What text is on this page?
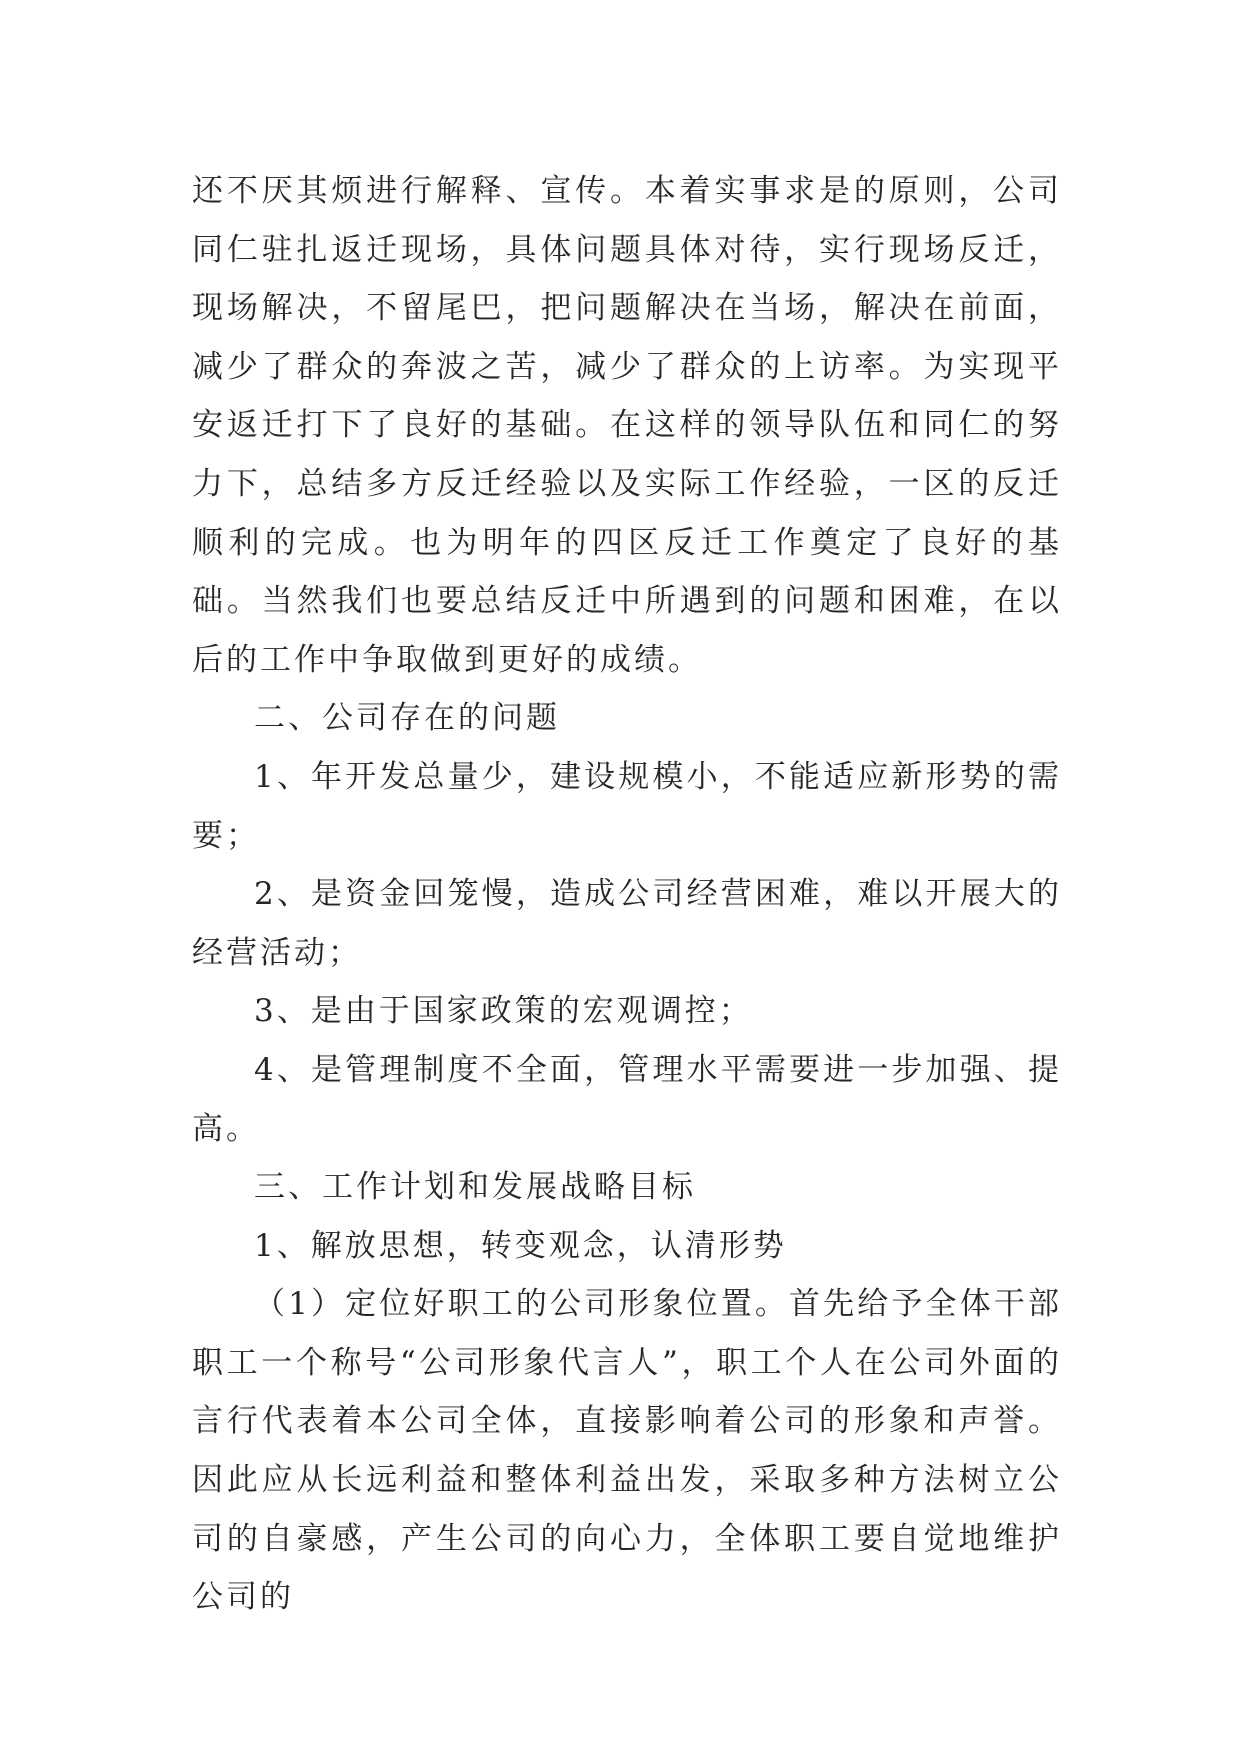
还不厌其烦进行解释、宣传。本着实事求是的原则，公司同仁驻扎返迁现场，具体问题具体对待，实行现场反迁，现场解决，不留尾巴，把问题解决在当场，解决在前面，减少了群众的奔波之苦，减少了群众的上访率。为实现平安返迁打下了良好的基础。在这样的领导队伍和同仁的努力下，总结多方反迁经验以及实际工作经验，一区的反迁顺利的完成。也为明年的四区反迁工作奠定了良好的基础。当然我们也要总结反迁中所遇到的问题和困难，在以后的工作中争取做到更好的成绩。

二、公司存在的问题

1、年开发总量少，建设规模小，不能适应新形势的需要；

2、是资金回笼慢，造成公司经营困难，难以开展大的经营活动；

3、是由于国家政策的宏观调控；

4、是管理制度不全面，管理水平需要进一步加强、提高。

三、工作计划和发展战略目标

1、解放思想，转变观念，认清形势

（1）定位好职工的公司形象位置。首先给予全体干部职工一个称号“公司形象代言人”，职工个人在公司外面的言行代表着本公司全体，直接影响着公司的形象和声誉。因此应从长远利益和整体利益出发，采取多种方法树立公司的自豪感，产生公司的向心力，全体职工要自觉地维护公司的
